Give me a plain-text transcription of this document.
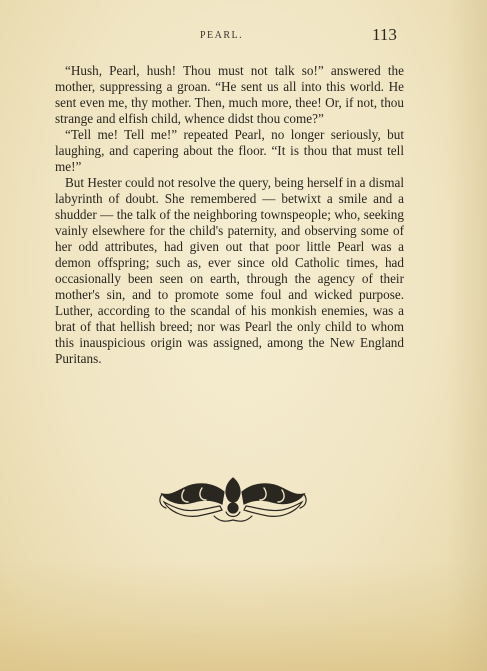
PEARL.	113

“Hush, Pearl, hush! Thou must not talk so!” answered the mother, suppressing a groan. “He sent us all into this world. He sent even me, thy mother. Then, much more, thee! Or, if not, thou strange and elfish child, whence didst thou come?”

“Tell me! Tell me!” repeated Pearl, no longer seriously, but laughing, and capering about the floor. “It is thou that must tell me!”

But Hester could not resolve the query, being herself in a dismal labyrinth of doubt. She remembered — betwixt a smile and a shudder — the talk of the neighboring townspeople; who, seeking vainly elsewhere for the child's paternity, and observing some of her odd attributes, had given out that poor little Pearl was a demon offspring; such as, ever since old Catholic times, had occasionally been seen on earth, through the agency of their mother's sin, and to promote some foul and wicked purpose. Luther, according to the scandal of his monkish enemies, was a brat of that hellish breed; nor was Pearl the only child to whom this inauspicious origin was assigned, among the New England Puritans.
